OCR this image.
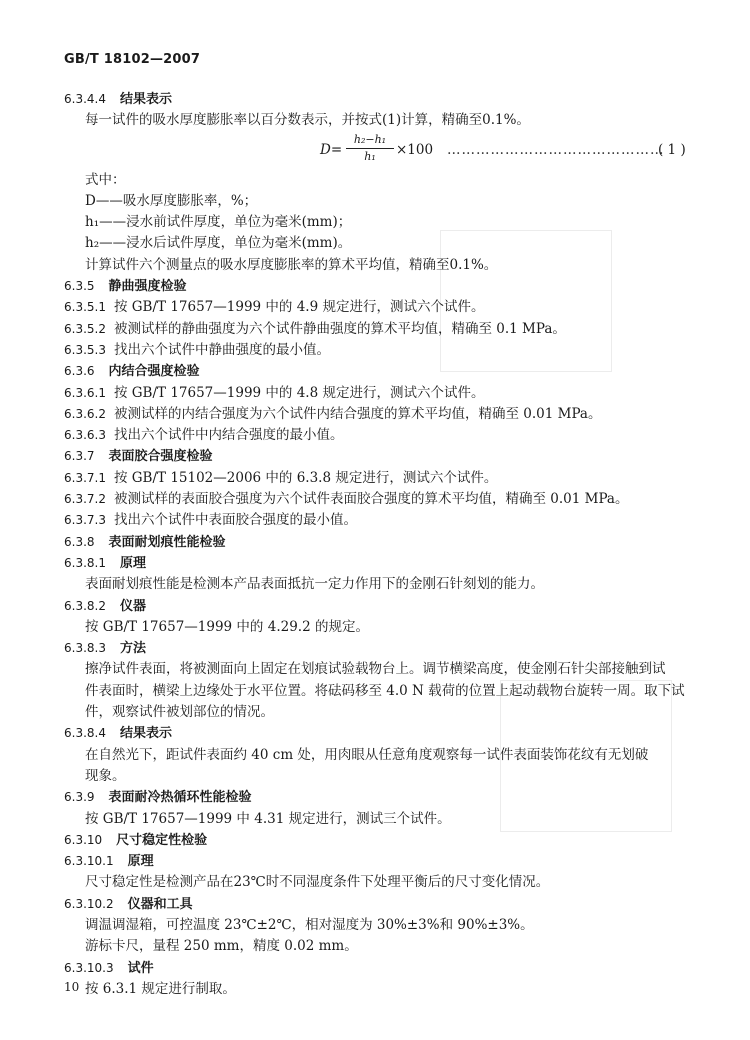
GB/T 18102—2007
6.3.4.4 结果表示
每一试件的吸水厚度膨胀率以百分数表示，并按式(1)计算，精确至0.1%。
$D= \frac{\text{h₂−h₁}}{\text{h₁}} \times 100$ ………………………………………
( 1 )
式中：
D——吸水厚度膨胀率，%；
h₁——浸水前试件厚度，单位为毫米(mm)；
h₂——浸水后试件厚度，单位为毫米(mm)。
计算试件六个测量点的吸水厚度膨胀率的算术平均值，精确至0.1%。
6.3.5 静曲强度检验
6.3.5.1 按 GB/T 17657—1999 中的 4.9 规定进行，测试六个试件。
6.3.5.2 被测试样的静曲强度为六个试件静曲强度的算术平均值，精确至 0.1 MPa。
6.3.5.3 找出六个试件中静曲强度的最小值。
6.3.6 内结合强度检验
6.3.6.1 按 GB/T 17657—1999 中的 4.8 规定进行，测试六个试件。
6.3.6.2 被测试样的内结合强度为六个试件内结合强度的算术平均值，精确至 0.01 MPa。
6.3.6.3 找出六个试件中内结合强度的最小值。
6.3.7 表面胶合强度检验
6.3.7.1 按 GB/T 15102—2006 中的 6.3.8 规定进行，测试六个试件。
6.3.7.2 被测试样的表面胶合强度为六个试件表面胶合强度的算术平均值，精确至 0.01 MPa。
6.3.7.3 找出六个试件中表面胶合强度的最小值。
6.3.8 表面耐划痕性能检验
6.3.8.1 原理
表面耐划痕性能是检测本产品表面抵抗一定力作用下的金刚石针刻划的能力。
6.3.8.2 仪器
按 GB/T 17657—1999 中的 4.29.2 的规定。
6.3.8.3 方法
擦净试件表面，将被测面向上固定在划痕试验载物台上。调节横梁高度，使金刚石针尖部接触到试
件表面时，横梁上边缘处于水平位置。将砝码移至 4.0 N 载荷的位置上起动载物台旋转一周。取下试
件，观察试件被划部位的情况。
6.3.8.4 结果表示
在自然光下，距试件表面约 40 cm 处，用肉眼从任意角度观察每一试件表面装饰花纹有无划破
现象。
6.3.9 表面耐冷热循环性能检验
按 GB/T 17657—1999 中 4.31 规定进行，测试三个试件。
6.3.10 尺寸稳定性检验
6.3.10.1 原理
尺寸稳定性是检测产品在23℃时不同湿度条件下处理平衡后的尺寸变化情况。
6.3.10.2 仪器和工具
调温调湿箱，可控温度 23℃±2℃，相对湿度为 30%±3%和 90%±3%。
游标卡尺，量程 250 mm，精度 0.02 mm。
6.3.10.3 试件
按 6.3.1 规定进行制取。
10
